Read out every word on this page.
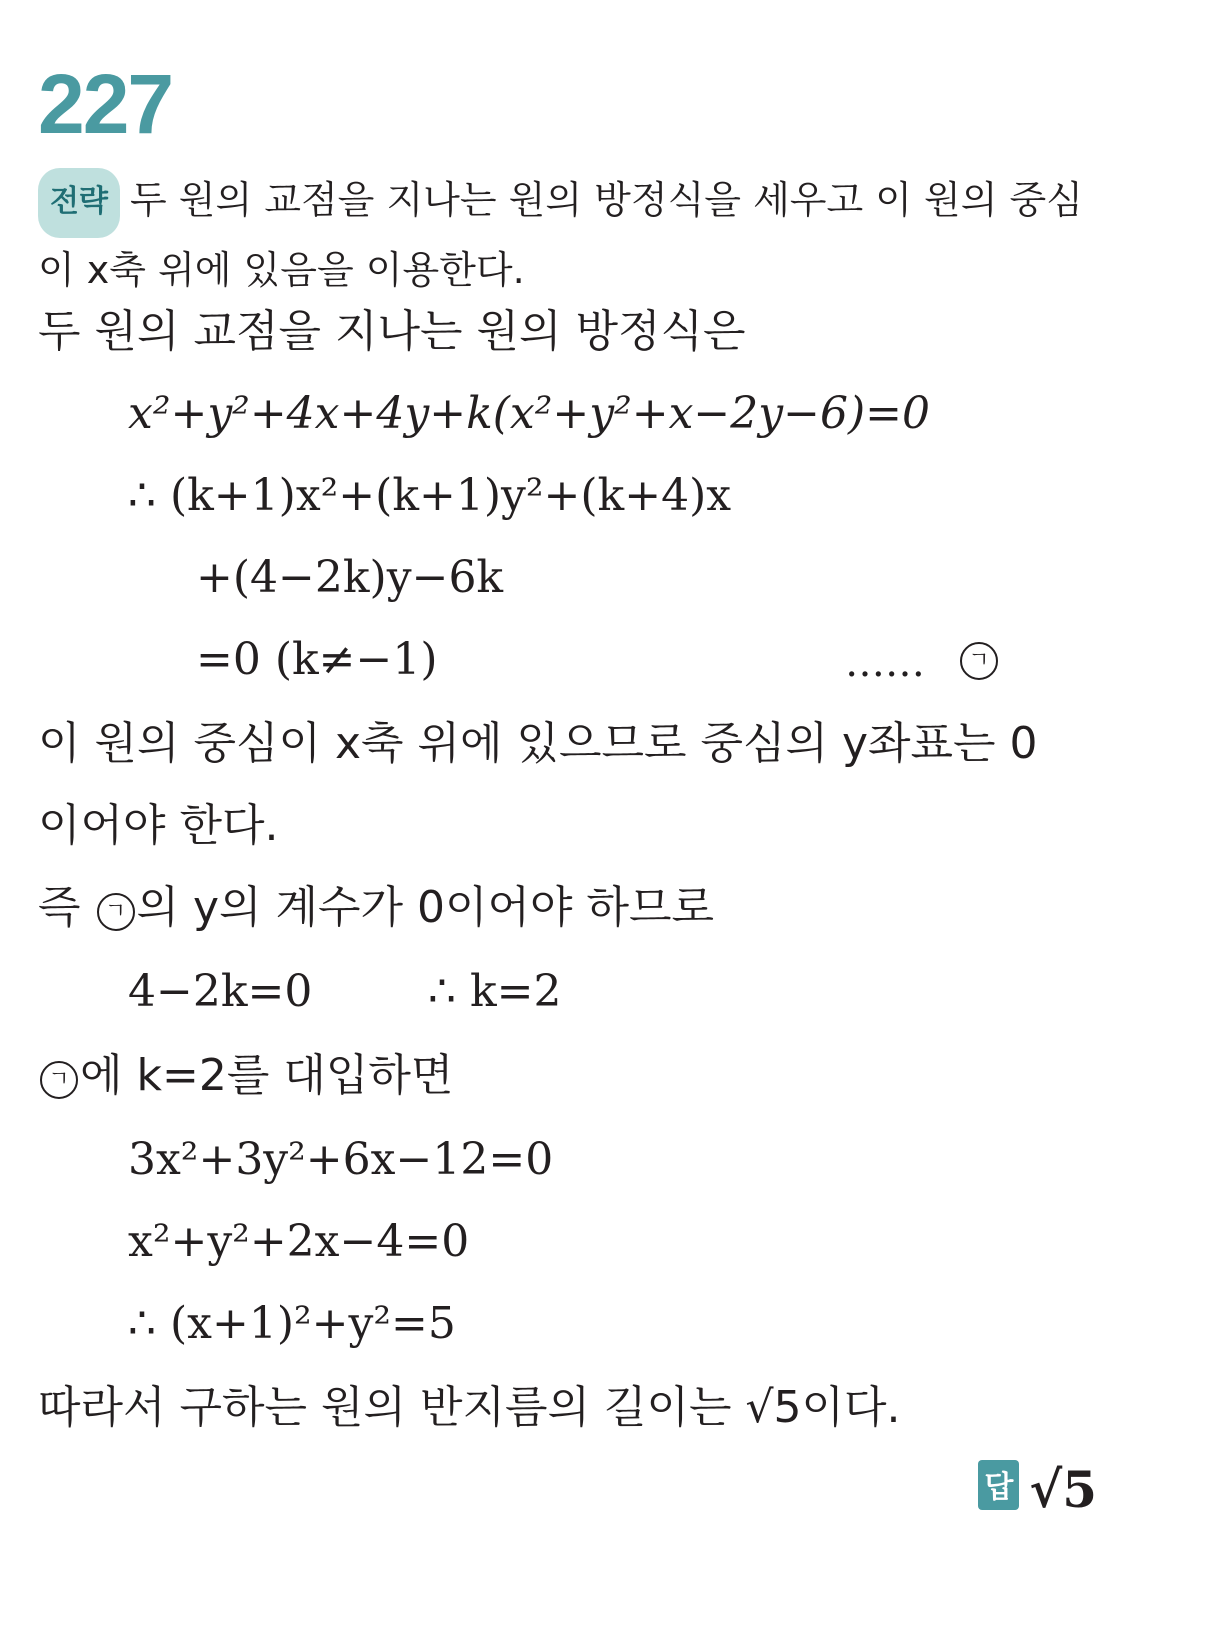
227
전략 두 원의 교점을 지나는 원의 방정식을 세우고 이 원의 중심
이 x축 위에 있음을 이용한다.
두 원의 교점을 지나는 원의 방정식은
x²+y²+4x+4y+k(x²+y²+x−2y−6)=0
∴ (k+1)x²+(k+1)y²+(k+4)x
+(4−2k)y−6k
=0 (k≠−1)	……	ㄱ
이 원의 중심이 x축 위에 있으므로 중심의 y좌표는 0
이어야 한다.
즉 ㄱ 의 y의 계수가 0이어야 하므로
4−2k=0	∴ k=2
ㄱ 에 k=2를 대입하면
3x²+3y²+6x−12=0
x²+y²+2x−4=0
∴ (x+1)²+y²=5
따라서 구하는 원의 반지름의 길이는 √5이다.
답 √5
